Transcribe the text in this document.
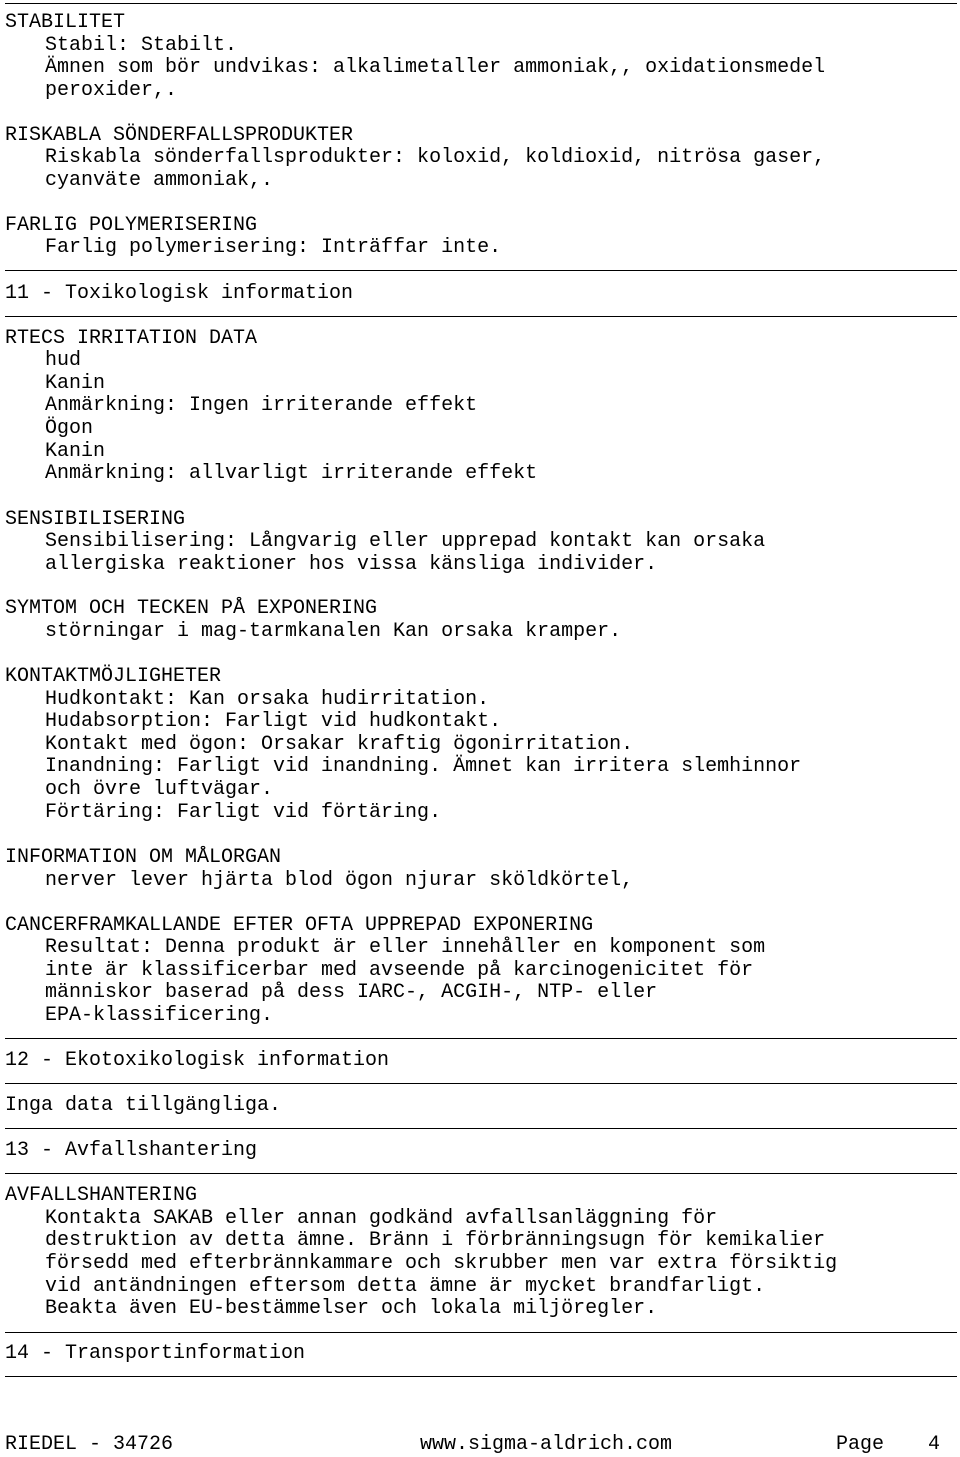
STABILITET
Stabil: Stabilt.
Ämnen som bör undvikas: alkalimetaller ammoniak,, oxidationsmedel
peroxider,.
RISKABLA SÖNDERFALLSPRODUKTER
Riskabla sönderfallsprodukter: koloxid, koldioxid, nitrösa gaser,
cyanväte ammoniak,.
FARLIG POLYMERISERING
Farlig polymerisering: Inträffar inte.
11 - Toxikologisk information
RTECS IRRITATION DATA
hud
Kanin
Anmärkning: Ingen irriterande effekt
Ögon
Kanin
Anmärkning: allvarligt irriterande effekt
SENSIBILISERING
Sensibilisering: Långvarig eller upprepad kontakt kan orsaka
allergiska reaktioner hos vissa känsliga individer.
SYMTOM OCH TECKEN PÅ EXPONERING
störningar i mag-tarmkanalen Kan orsaka kramper.
KONTAKTMÖJLIGHETER
Hudkontakt: Kan orsaka hudirritation.
Hudabsorption: Farligt vid hudkontakt.
Kontakt med ögon: Orsakar kraftig ögonirritation.
Inandning: Farligt vid inandning. Ämnet kan irritera slemhinnor
och övre luftvägar.
Förtäring: Farligt vid förtäring.
INFORMATION OM MÅLORGAN
nerver lever hjärta blod ögon njurar sköldkörtel,
CANCERFRAMKALLANDE EFTER OFTA UPPREPAD EXPONERING
Resultat: Denna produkt är eller innehåller en komponent som
inte är klassificerbar med avseende på karcinogenicitet för
människor baserad på dess IARC-, ACGIH-, NTP- eller
EPA-klassificering.
12 - Ekotoxikologisk information
Inga data tillgängliga.
13 - Avfallshantering
AVFALLSHANTERING
Kontakta SAKAB eller annan godkänd avfallsanläggning för
destruktion av detta ämne. Bränn i förbränningsugn för kemikalier
försedd med efterbrännkammare och skrubber men var extra försiktig
vid antändningen eftersom detta ämne är mycket brandfarligt.
Beakta även EU-bestämmelser och lokala miljöregler.
14 - Transportinformation
RIEDEL - 34726	www.sigma-aldrich.com	Page 4
